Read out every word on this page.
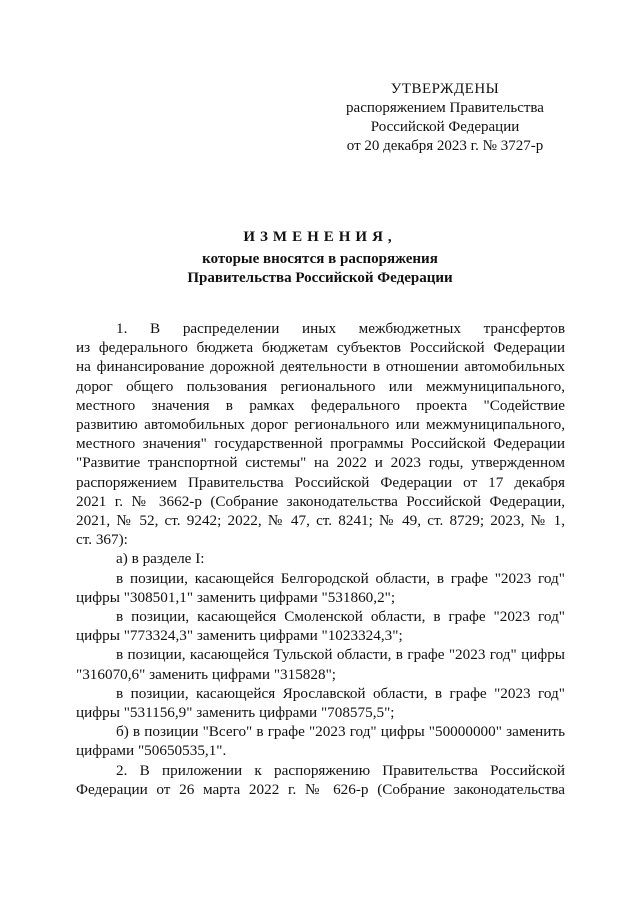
УТВЕРЖДЕНЫ
распоряжением Правительства
Российской Федерации
от 20 декабря 2023 г. № 3727-р
ИЗМЕНЕНИЯ,
которые вносятся в распоряжения
Правительства Российской Федерации
1. В распределении иных межбюджетных трансфертов
из федерального бюджета бюджетам субъектов Российской Федерации
на финансирование дорожной деятельности в отношении автомобильных
дорог общего пользования регионального или межмуниципального,
местного значения в рамках федерального проекта "Содействие
развитию автомобильных дорог регионального или межмуниципального,
местного значения" государственной программы Российской Федерации
"Развитие транспортной системы" на 2022 и 2023 годы, утвержденном
распоряжением Правительства Российской Федерации от 17 декабря
2021 г. № 3662-р (Собрание законодательства Российской Федерации,
2021, № 52, ст. 9242; 2022, № 47, ст. 8241; № 49, ст. 8729; 2023, № 1,
ст. 367):
а) в разделе I:
в позиции, касающейся Белгородской области, в графе "2023 год"
цифры "308501,1" заменить цифрами "531860,2";
в позиции, касающейся Смоленской области, в графе "2023 год"
цифры "773324,3" заменить цифрами "1023324,3";
в позиции, касающейся Тульской области, в графе "2023 год" цифры
"316070,6" заменить цифрами "315828";
в позиции, касающейся Ярославской области, в графе "2023 год"
цифры "531156,9" заменить цифрами "708575,5";
б) в позиции "Всего" в графе "2023 год" цифры "50000000" заменить
цифрами "50650535,1".
2. В приложении к распоряжению Правительства Российской
Федерации от 26 марта 2022 г. № 626-р (Собрание законодательства
